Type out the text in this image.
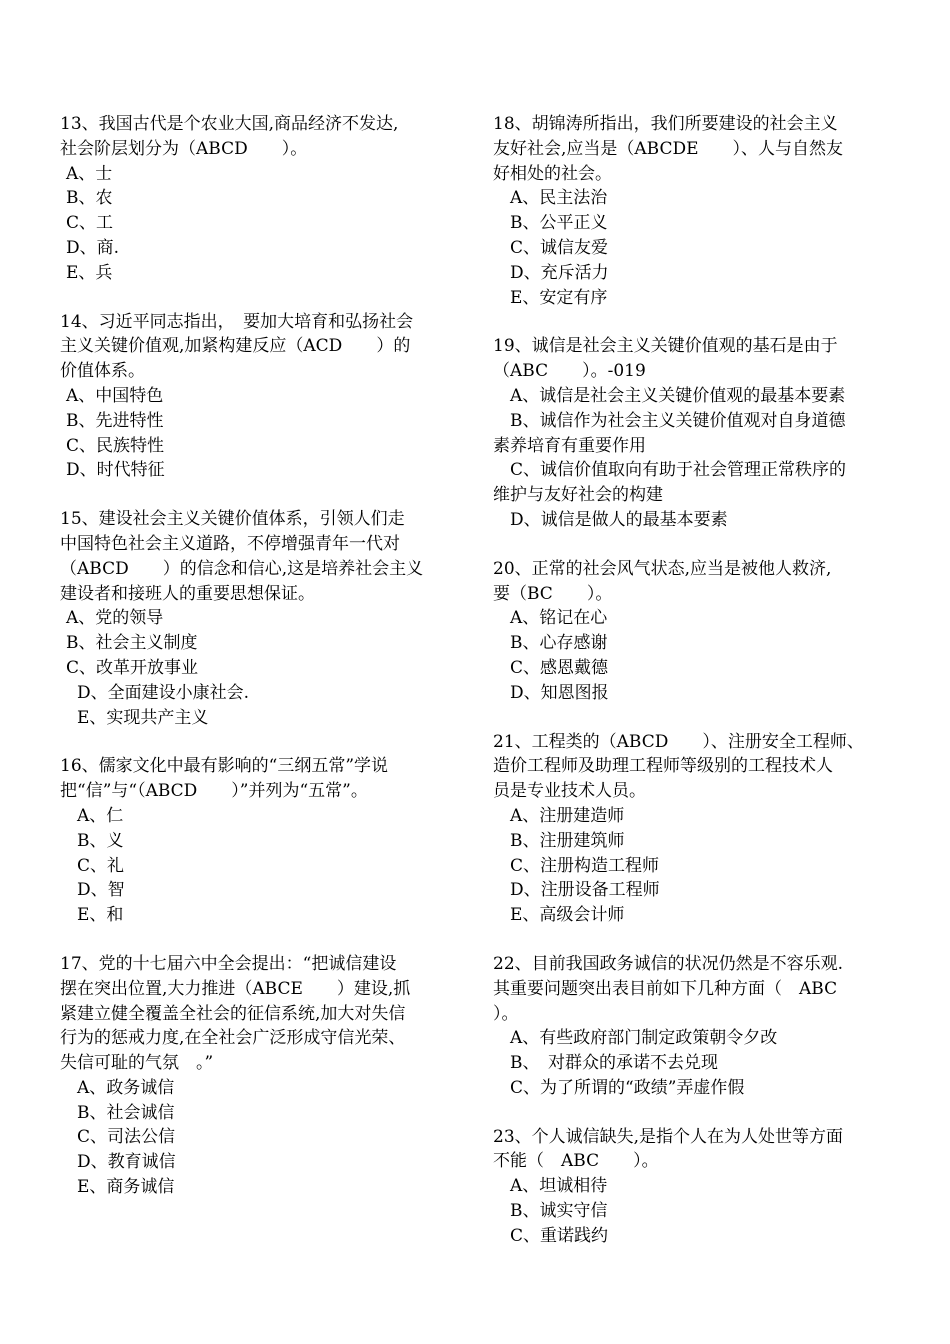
13、我国古代是个农业大国,商品经济不发达,
社会阶层划分为（ABCD　　）。
A、士
B、农
C、工
D、商.
E、兵
14、习近平同志指出，　要加大培育和弘扬社会
主义关键价值观,加紧构建反应（ACD　　）的
价值体系。
A、中国特色
B、先进特性
C、民族特性
D、时代特征
15、建设社会主义关键价值体系，引领人们走
中国特色社会主义道路，不停增强青年一代对
（ABCD　　）的信念和信心,这是培养社会主义
建设者和接班人的重要思想保证。
A、党的领导
B、社会主义制度
C、改革开放事业
D、全面建设小康社会.
E、实现共产主义
16、儒家文化中最有影响的“三纲五常”学说
把“信”与“（ABCD　　）”并列为“五常”。
A、仁
B、义
C、礼
D、智
E、和
17、党的十七届六中全会提出：“把诚信建设
摆在突出位置,大力推进（ABCE　　）建设,抓
紧建立健全覆盖全社会的征信系统,加大对失信
行为的惩戒力度,在全社会广泛形成守信光荣、
失信可耻的气氛　。”
A、政务诚信
B、社会诚信
C、司法公信
D、教育诚信
E、商务诚信
18、胡锦涛所指出，我们所要建设的社会主义
友好社会,应当是（ABCDE　　）、人与自然友
好相处的社会。
A、民主法治
B、公平正义
C、诚信友爱
D、充斥活力
E、安定有序
19、诚信是社会主义关键价值观的基石是由于
（ABC　　）。-019
A、诚信是社会主义关键价值观的最基本要素
B、诚信作为社会主义关键价值观对自身道德
素养培育有重要作用
C、诚信价值取向有助于社会管理正常秩序的
维护与友好社会的构建
D、诚信是做人的最基本要素
20、正常的社会风气状态,应当是被他人救济,
要（BC　　）。
A、铭记在心
B、心存感谢
C、感恩戴德
D、知恩图报
21、工程类的（ABCD　　）、注册安全工程师、
造价工程师及助理工程师等级别的工程技术人
员是专业技术人员。
A、注册建造师
B、注册建筑师
C、注册构造工程师
D、注册设备工程师
E、高级会计师
22、目前我国政务诚信的状况仍然是不容乐观.
其重要问题突出表目前如下几种方面（　ABC
）。
A、有些政府部门制定政策朝令夕改
B、　对群众的承诺不去兑现
C、为了所谓的“政绩”弄虚作假
23、个人诚信缺失,是指个人在为人处世等方面
不能（　ABC　　）。
A、坦诚相待
B、诚实守信
C、重诺践约
